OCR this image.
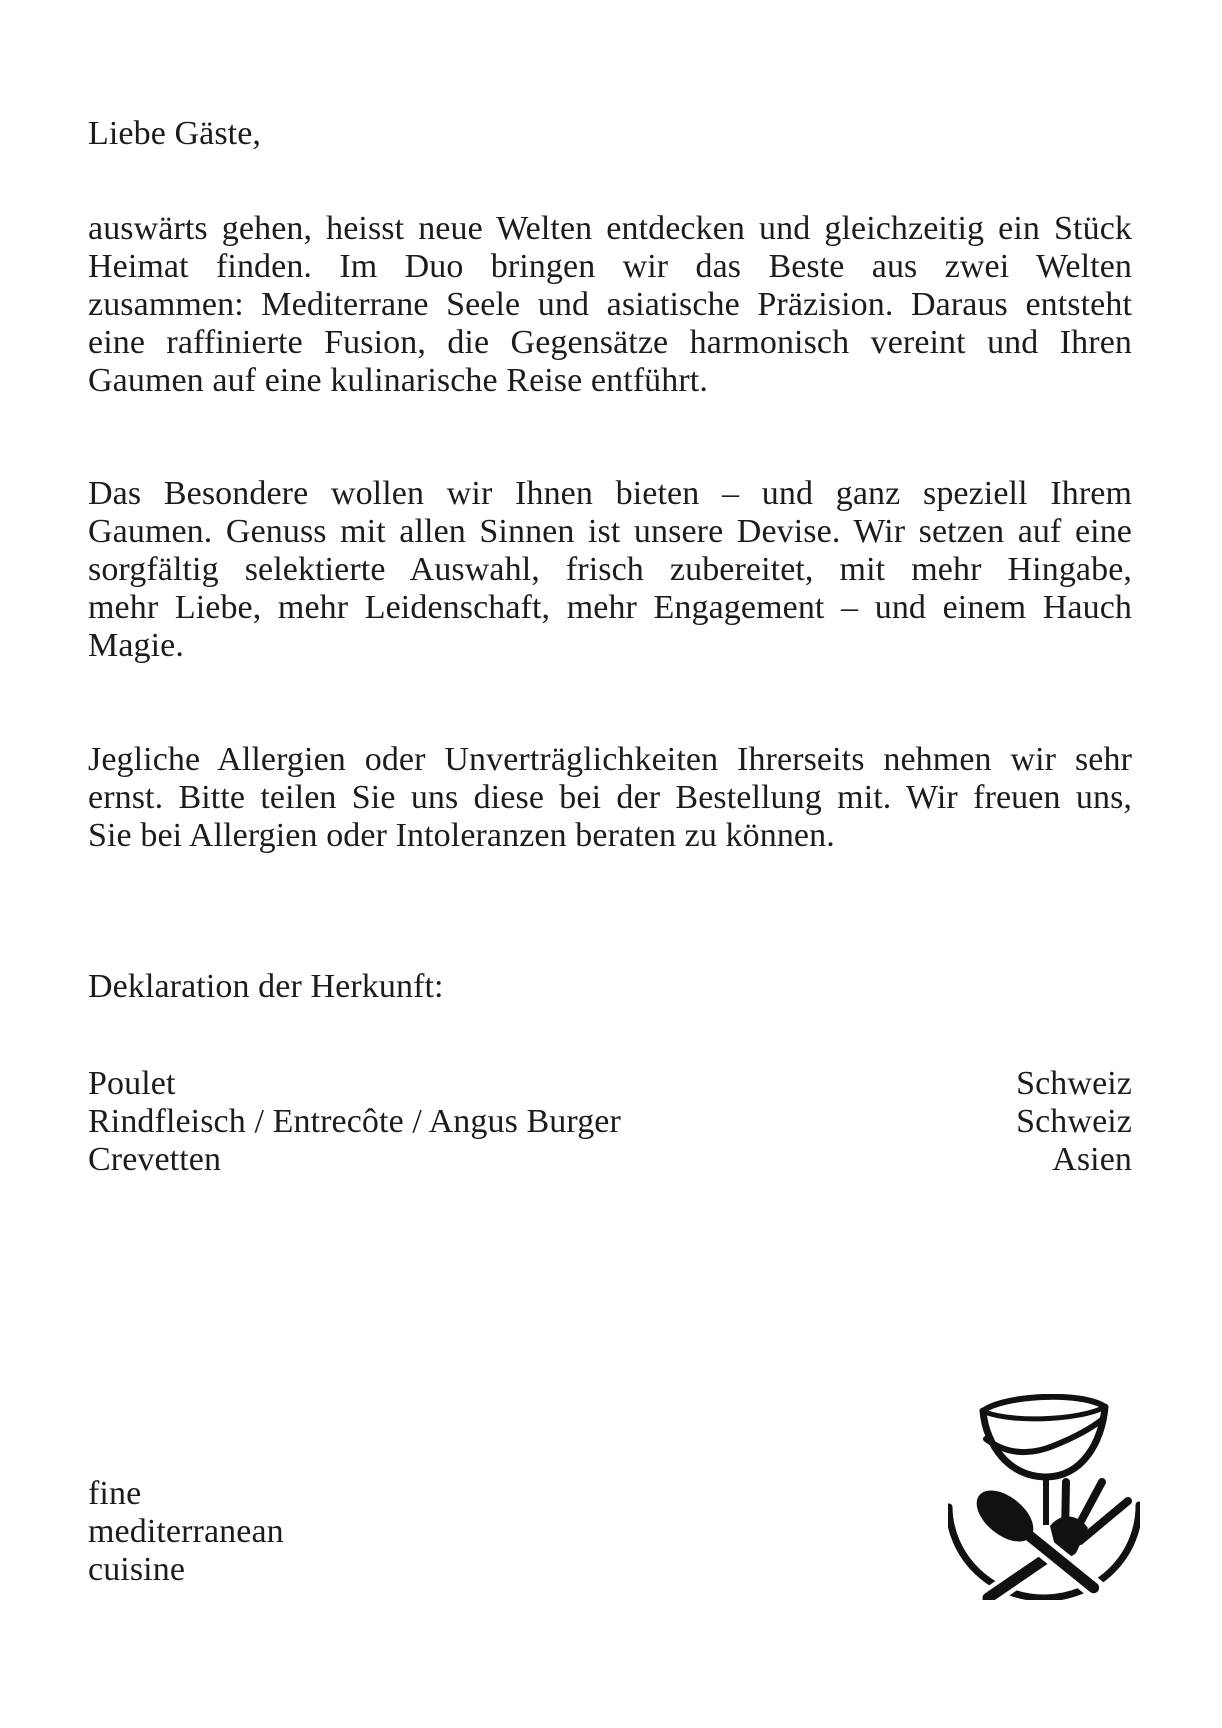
Liebe Gäste,
auswärts gehen, heisst neue Welten entdecken und gleichzeitig ein Stück
Heimat finden. Im Duo bringen wir das Beste aus zwei Welten
zusammen: Mediterrane Seele und asiatische Präzision. Daraus entsteht
eine raffinierte Fusion, die Gegensätze harmonisch vereint und Ihren
Gaumen auf eine kulinarische Reise entführt.
Das Besondere wollen wir Ihnen bieten – und ganz speziell Ihrem
Gaumen. Genuss mit allen Sinnen ist unsere Devise. Wir setzen auf eine
sorgfältig selektierte Auswahl, frisch zubereitet, mit mehr Hingabe,
mehr Liebe, mehr Leidenschaft, mehr Engagement – und einem Hauch
Magie.
Jegliche Allergien oder Unverträglichkeiten Ihrerseits nehmen wir sehr
ernst. Bitte teilen Sie uns diese bei der Bestellung mit. Wir freuen uns,
Sie bei Allergien oder Intoleranzen beraten zu können.
Deklaration der Herkunft:
Poulet	Schweiz
Rindfleisch / Entrecôte / Angus Burger	Schweiz
Crevetten	Asien
fine
mediterranean
cuisine
